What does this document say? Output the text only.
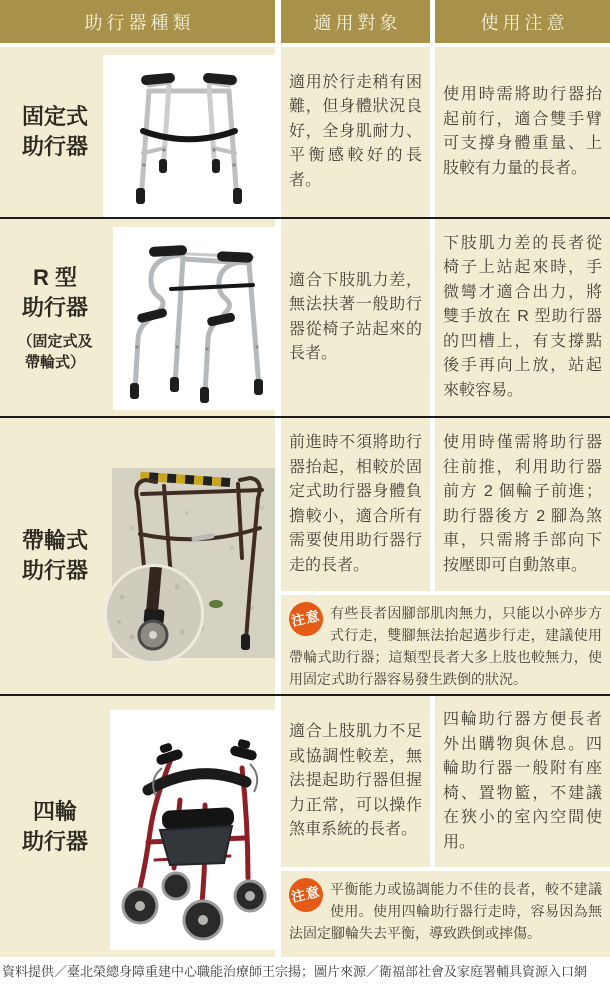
助行器種類	適用對象	使用注意
固定式
助行器
適用於行走稍有困難，但身體狀況良好，全身肌耐力、平衡感較好的長者。
使用時需將助行器抬起前行，適合雙手臂可支撐身體重量、上肢較有力量的長者。
R 型
助行器
（固定式及
帶輪式）
適合下肢肌力差，無法扶著一般助行器從椅子站起來的長者。
下肢肌力差的長者從椅子上站起來時，手微彎才適合出力，將雙手放在 R 型助行器的凹槽上，有支撐點後手再向上放，站起來較容易。
帶輪式
助行器
前進時不須將助行器抬起，相較於固定式助行器身體負擔較小，適合所有需要使用助行器行走的長者。
使用時僅需將助行器往前推，利用助行器前方 2 個輪子前進；助行器後方 2 腳為煞車，只需將手部向下按壓即可自動煞車。
注意 有些長者因腳部肌肉無力，只能以小碎步方式行走，雙腳無法抬起邁步行走，建議使用帶輪式助行器；這類型長者大多上肢也較無力，使用固定式助行器容易發生跌倒的狀況。
四輪
助行器
適合上肢肌力不足或協調性較差，無法提起助行器但握力正常，可以操作煞車系統的長者。
四輪助行器方便長者外出購物與休息。四輪助行器一般附有座椅、置物籃，不建議在狹小的室內空間使用。
注意 平衡能力或協調能力不佳的長者，較不建議使用。使用四輪助行器行走時，容易因為無法固定腳輪失去平衡，導致跌倒或摔傷。
資料提供／臺北榮總身障重建中心職能治療師王宗揚；圖片來源／衛福部社會及家庭署輔具資源入口網
